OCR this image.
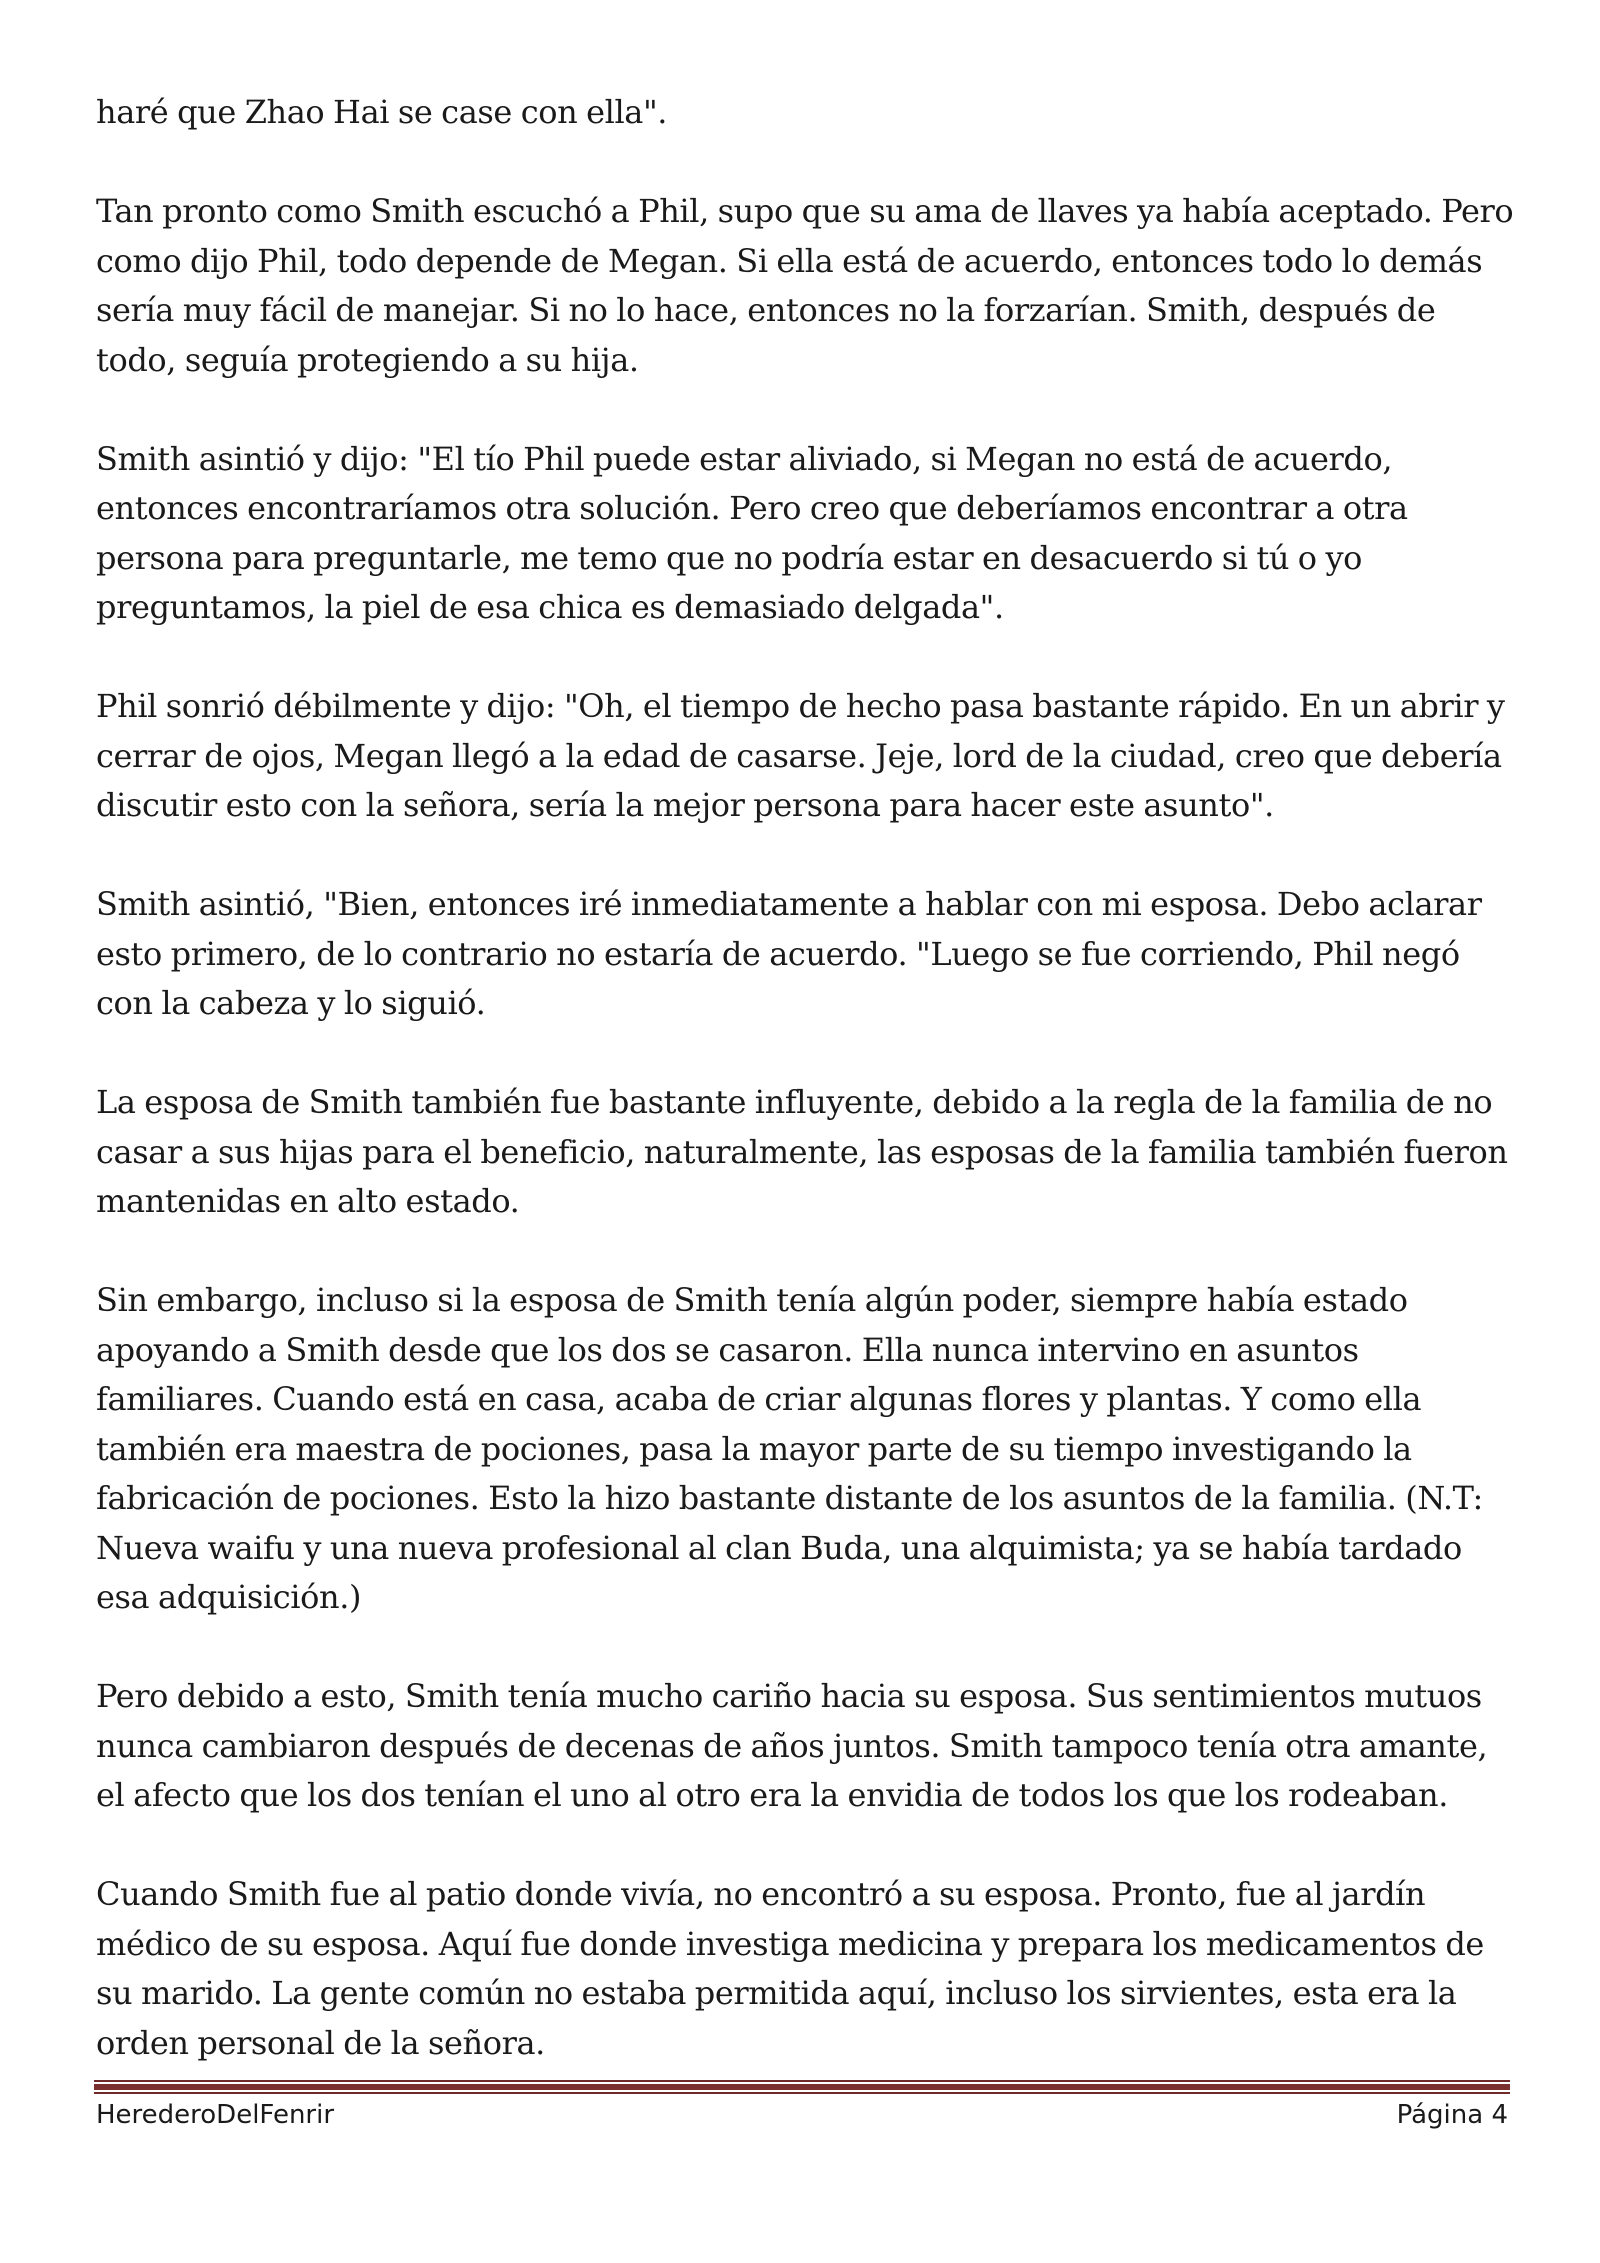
haré que Zhao Hai se case con ella".

Tan pronto como Smith escuchó a Phil, supo que su ama de llaves ya había aceptado. Pero como dijo Phil, todo depende de Megan. Si ella está de acuerdo, entonces todo lo demás sería muy fácil de manejar. Si no lo hace, entonces no la forzarían. Smith, después de todo, seguía protegiendo a su hija.

Smith asintió y dijo: "El tío Phil puede estar aliviado, si Megan no está de acuerdo, entonces encontraríamos otra solución. Pero creo que deberíamos encontrar a otra persona para preguntarle, me temo que no podría estar en desacuerdo si tú o yo preguntamos, la piel de esa chica es demasiado delgada".

Phil sonrió débilmente y dijo: "Oh, el tiempo de hecho pasa bastante rápido. En un abrir y cerrar de ojos, Megan llegó a la edad de casarse. Jeje, lord de la ciudad, creo que debería discutir esto con la señora, sería la mejor persona para hacer este asunto".

Smith asintió, "Bien, entonces iré inmediatamente a hablar con mi esposa. Debo aclarar esto primero, de lo contrario no estaría de acuerdo. "Luego se fue corriendo, Phil negó con la cabeza y lo siguió.

La esposa de Smith también fue bastante influyente, debido a la regla de la familia de no casar a sus hijas para el beneficio, naturalmente, las esposas de la familia también fueron mantenidas en alto estado.

Sin embargo, incluso si la esposa de Smith tenía algún poder, siempre había estado apoyando a Smith desde que los dos se casaron. Ella nunca intervino en asuntos familiares. Cuando está en casa, acaba de criar algunas flores y plantas. Y como ella también era maestra de pociones, pasa la mayor parte de su tiempo investigando la fabricación de pociones. Esto la hizo bastante distante de los asuntos de la familia. (N.T: Nueva waifu y una nueva profesional al clan Buda, una alquimista; ya se había tardado esa adquisición.)

Pero debido a esto, Smith tenía mucho cariño hacia su esposa. Sus sentimientos mutuos nunca cambiaron después de decenas de años juntos. Smith tampoco tenía otra amante, el afecto que los dos tenían el uno al otro era la envidia de todos los que los rodeaban.

Cuando Smith fue al patio donde vivía, no encontró a su esposa. Pronto, fue al jardín médico de su esposa. Aquí fue donde investiga medicina y prepara los medicamentos de su marido. La gente común no estaba permitida aquí, incluso los sirvientes, esta era la orden personal de la señora.

HerederoDelFenrir	Página 4
